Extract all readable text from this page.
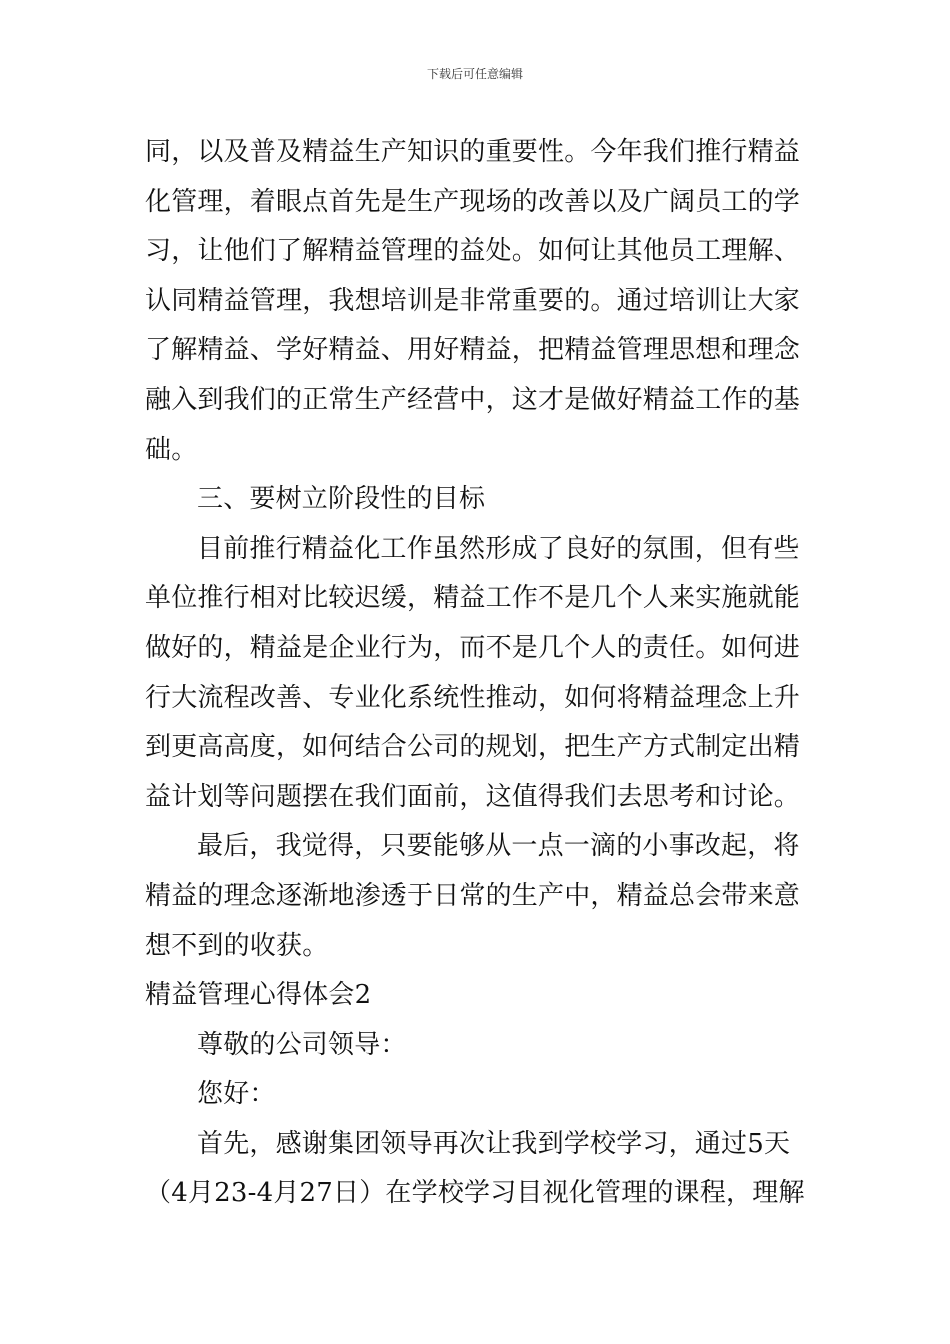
下载后可任意编辑
同，以及普及精益生产知识的重要性。今年我们推行精益
化管理，着眼点首先是生产现场的改善以及广阔员工的学
习，让他们了解精益管理的益处。如何让其他员工理解、
认同精益管理，我想培训是非常重要的。通过培训让大家
了解精益、学好精益、用好精益，把精益管理思想和理念
融入到我们的正常生产经营中，这才是做好精益工作的基
础。
三、要树立阶段性的目标
目前推行精益化工作虽然形成了良好的氛围，但有些
单位推行相对比较迟缓，精益工作不是几个人来实施就能
做好的，精益是企业行为，而不是几个人的责任。如何进
行大流程改善、专业化系统性推动，如何将精益理念上升
到更高高度，如何结合公司的规划，把生产方式制定出精
益计划等问题摆在我们面前，这值得我们去思考和讨论。
最后，我觉得，只要能够从一点一滴的小事改起，将
精益的理念逐渐地渗透于日常的生产中，精益总会带来意
想不到的收获。
精益管理心得体会2
尊敬的公司领导：
您好：
首先，感谢集团领导再次让我到学校学习，通过5天
（4月23-4月27日）在学校学习目视化管理的课程，理解
